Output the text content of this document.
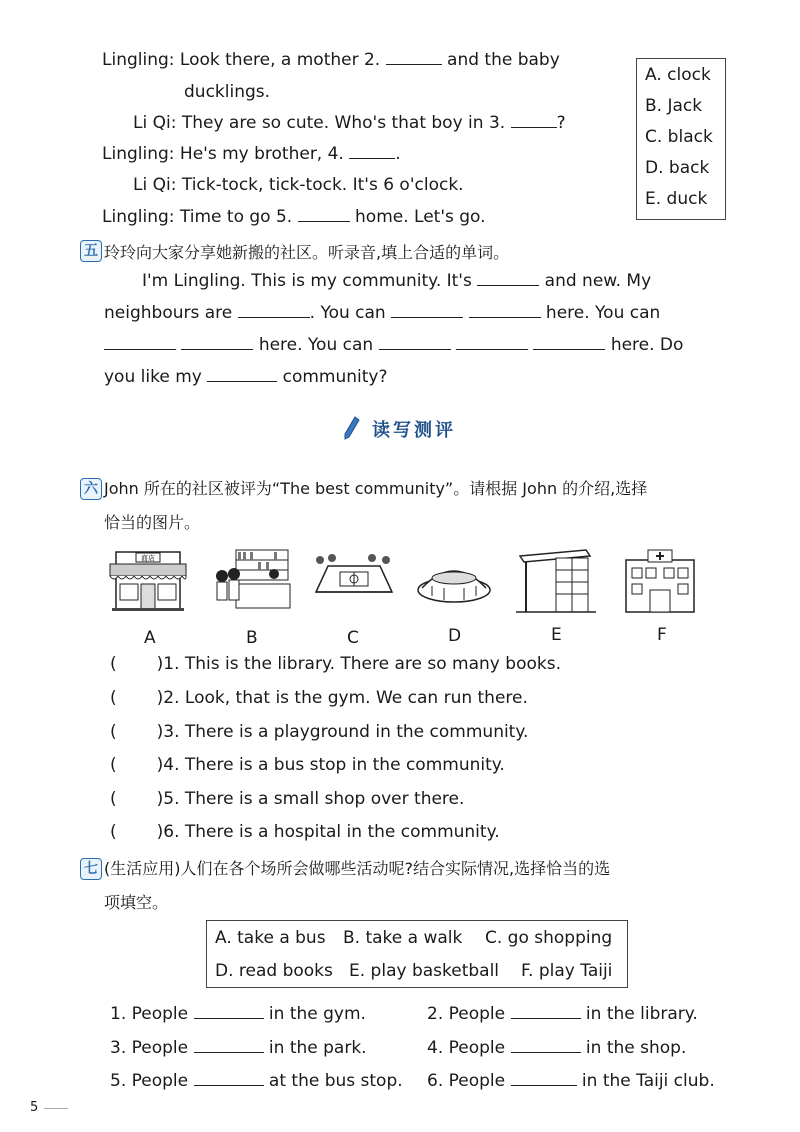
Lingling: Look there, a mother 2.	and the baby
ducklings.
Li Qi: They are so cute. Who's that boy in 3.	?
Lingling: He's my brother, 4.	.
Li Qi: Tick-tock, tick-tock. It's 6 o'clock.
Lingling: Time to go 5.	home. Let's go.
A. clock
B. Jack
C. black
D. back
E. duck
五 玲玲向大家分享她新搬的社区。听录音,填上合适的单词。
I'm Lingling. This is my community. It's	and new. My
neighbours are	. You can	here. You can
here. You can	here. Do
you like my	community?
读写测评
六 John 所在的社区被评为“The best community”。请根据 John 的介绍,选择
恰当的图片。
商店
A	B	C	D	E	F
( )1. This is the library. There are so many books.
( )2. Look, that is the gym. We can run there.
( )3. There is a playground in the community.
( )4. There is a bus stop in the community.
( )5. There is a small shop over there.
( )6. There is a hospital in the community.
七 (生活应用)人们在各个场所会做哪些活动呢?结合实际情况,选择恰当的选
项填空。
A. take a bus B. take a walk C. go shopping
D. read books E. play basketball F. play Taiji
1. People	in the gym.	2. People	in the library.
3. People	in the park.	4. People	in the shop.
5. People	at the bus stop. 6. People	in the Taiji club.
5
